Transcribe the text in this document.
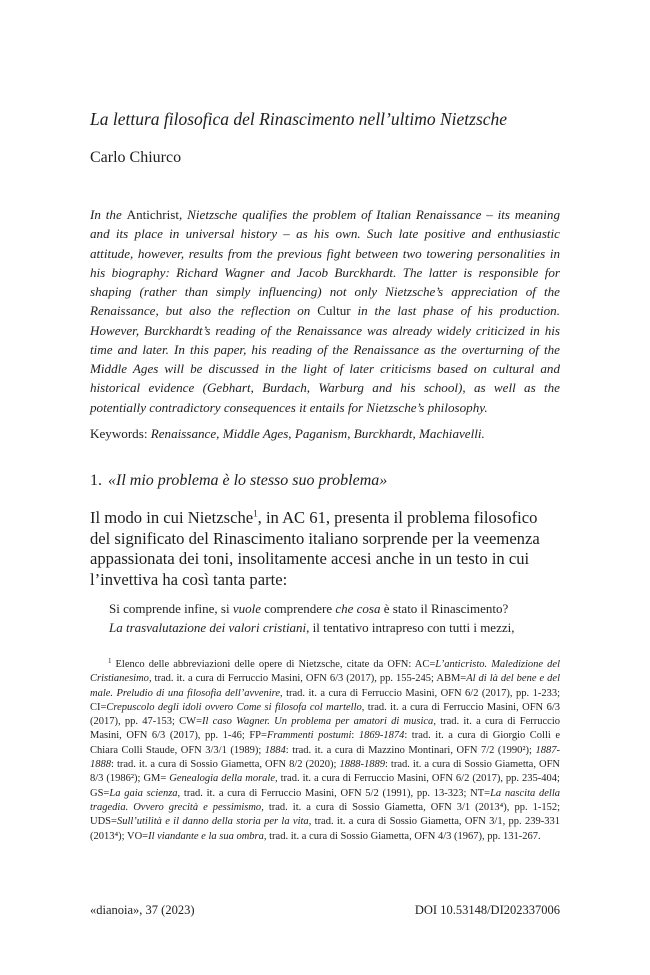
La lettura filosofica del Rinascimento nell’ultimo Nietzsche
Carlo Chiurco

In the Antichrist, Nietzsche qualifies the problem of Italian Renaissance – its meaning and its place in universal history – as his own. Such late positive and enthusiastic attitude, however, results from the previous fight between two towering personalities in his biography: Richard Wagner and Jacob Burckhardt. The latter is responsible for shaping (rather than simply influencing) not only Nietzsche’s appreciation of the Renaissance, but also the reflection on Cultur in the last phase of his production. However, Burckhardt’s reading of the Renaissance was already widely criticized in his time and later. In this paper, his reading of the Renaissance as the overturning of the Middle Ages will be discussed in the light of later criticisms based on cultural and historical evidence (Gebhart, Burdach, Warburg and his school), as well as the potentially contradictory consequences it entails for Nietzsche’s philosophy.

Keywords: Renaissance, Middle Ages, Paganism, Burckhardt, Machiavelli.
1. «Il mio problema è lo stesso suo problema»

Il modo in cui Nietzsche$^1$, in AC 61, presenta il problema filosofico del significato del Rinascimento italiano sorprende per la veemenza appassionata dei toni, insolitamente accesi anche in un testo in cui l’invettiva ha così tanta parte:

Si comprende infine, si vuole comprendere che cosa è stato il Rinascimento?
La trasvalutazione dei valori cristiani, il tentativo intrapreso con tutti i mezzi,

$^1$ Elenco delle abbreviazioni delle opere di Nietzsche, citate da OFN: AC=L’anticristo. Maledizione del Cristianesimo, trad. it. a cura di Ferruccio Masini, OFN 6/3 (2017), pp. 155-245; ABM=Al di là del bene e del male. Preludio di una filosofia dell’avvenire, trad. it. a cura di Ferruccio Masini, OFN 6/2 (2017), pp. 1-233; CI=Crepuscolo degli idoli ovvero Come si filosofa col martello, trad. it. a cura di Ferruccio Masini, OFN 6/3 (2017), pp. 47-153; CW=Il caso Wagner. Un problema per amatori di musica, trad. it. a cura di Ferruccio Masini, OFN 6/3 (2017), pp. 1-46; FP=Frammenti postumi: 1869-1874: trad. it. a cura di Giorgio Colli e Chiara Colli Staude, OFN 3/3/1 (1989); 1884: trad. it. a cura di Mazzino Montinari, OFN 7/2 (1990²); 1887-1888: trad. it. a cura di Sossio Giametta, OFN 8/2 (2020); 1888-1889: trad. it. a cura di Sossio Giametta, OFN 8/3 (1986²); GM= Genealogia della morale, trad. it. a cura di Ferruccio Masini, OFN 6/2 (2017), pp. 235-404; GS=La gaia scienza, trad. it. a cura di Ferruccio Masini, OFN 5/2 (1991), pp. 13-323; NT=La nascita della tragedia. Ovvero grecità e pessimismo, trad. it. a cura di Sossio Giametta, OFN 3/1 (2013⁴), pp. 1-152; UDS=Sull’utilità e il danno della storia per la vita, trad. it. a cura di Sossio Giametta, OFN 3/1, pp. 239-331 (2013⁴); VO=Il viandante e la sua ombra, trad. it. a cura di Sossio Giametta, OFN 4/3 (1967), pp. 131-267.

«dianoia», 37 (2023)	DOI 10.53148/DI202337006
